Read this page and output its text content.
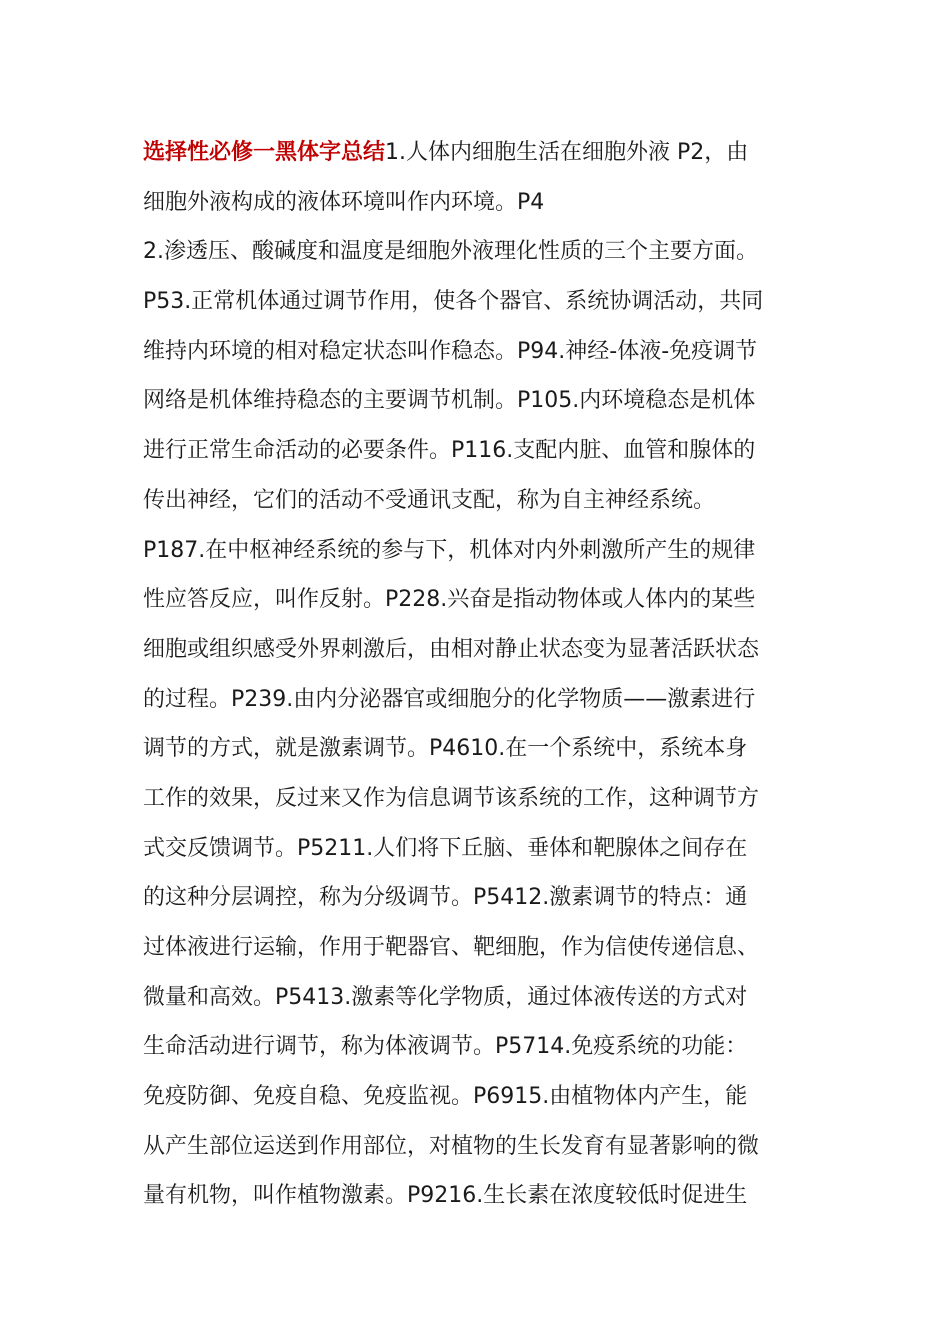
选择性必修一黑体字总结1.人体内细胞生活在细胞外液 P2，由
细胞外液构成的液体环境叫作内环境。P4
2.渗透压、酸碱度和温度是细胞外液理化性质的三个主要方面。
P53.正常机体通过调节作用，使各个器官、系统协调活动，共同
维持内环境的相对稳定状态叫作稳态。P94.神经-体液-免疫调节
网络是机体维持稳态的主要调节机制。P105.内环境稳态是机体
进行正常生命活动的必要条件。P116.支配内脏、血管和腺体的
传出神经，它们的活动不受通讯支配，称为自主神经系统。
P187.在中枢神经系统的参与下，机体对内外刺激所产生的规律
性应答反应，叫作反射。P228.兴奋是指动物体或人体内的某些
细胞或组织感受外界刺激后，由相对静止状态变为显著活跃状态
的过程。P239.由内分泌器官或细胞分的化学物质——激素进行
调节的方式，就是激素调节。P4610.在一个系统中，系统本身
工作的效果，反过来又作为信息调节该系统的工作，这种调节方
式交反馈调节。P5211.人们将下丘脑、垂体和靶腺体之间存在
的这种分层调控，称为分级调节。P5412.激素调节的特点：通
过体液进行运输，作用于靶器官、靶细胞，作为信使传递信息、
微量和高效。P5413.激素等化学物质，通过体液传送的方式对
生命活动进行调节，称为体液调节。P5714.免疫系统的功能：
免疫防御、免疫自稳、免疫监视。P6915.由植物体内产生，能
从产生部位运送到作用部位，对植物的生长发育有显著影响的微
量有机物，叫作植物激素。P9216.生长素在浓度较低时促进生
